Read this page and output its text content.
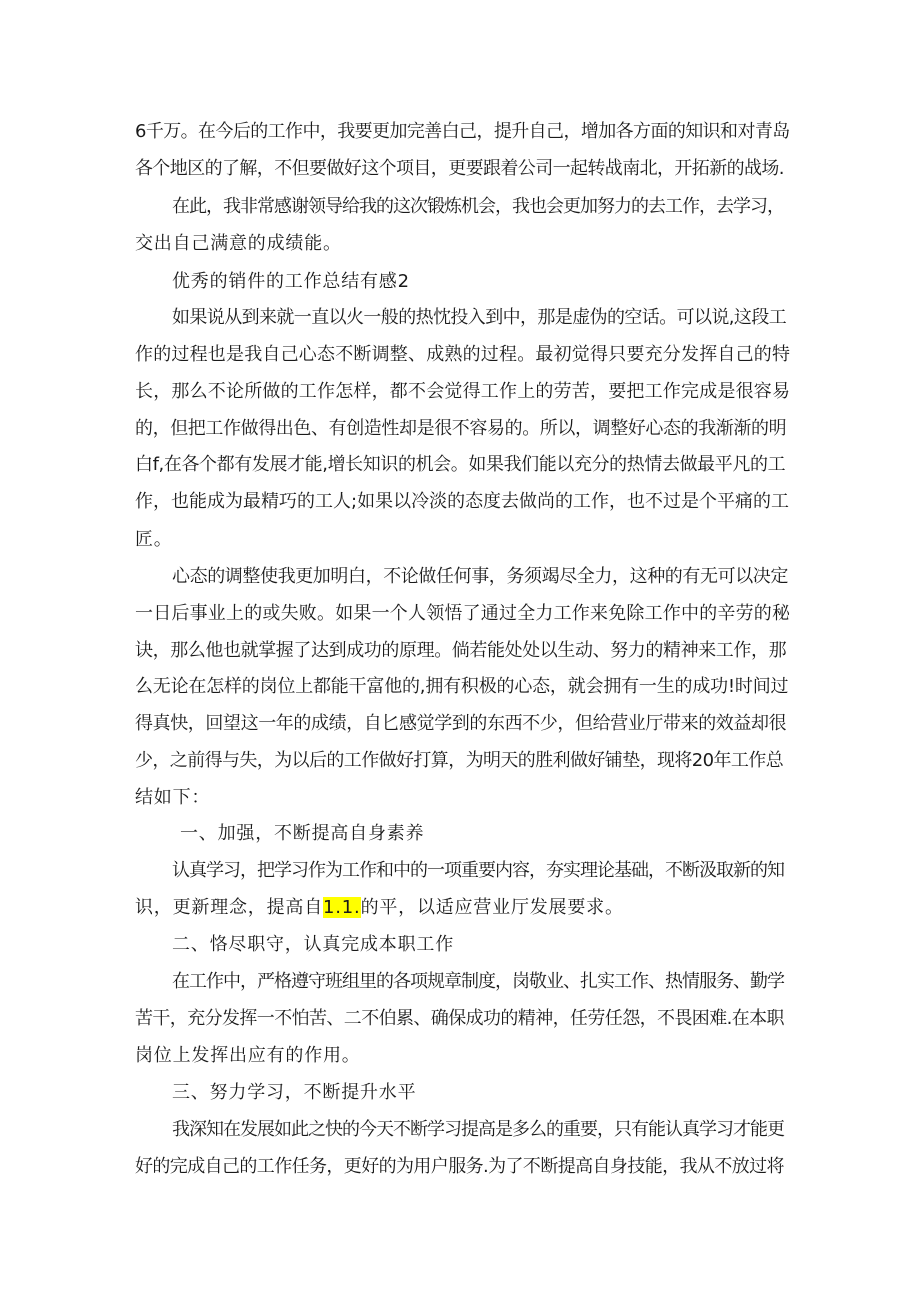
6千万。在今后的工作中，我要更加完善白己，提升自己，增加各方面的知识和对青岛

各个地区的了解，不但要做好这个项目，更要跟着公司一起转战南北，开拓新的战场.

在此，我非常感谢领导给我的这次锻炼机会，我也会更加努力的去工作，去学习，

交出自己满意的成绩能。

优秀的销件的工作总结有感2

如果说从到来就一直以火一般的热忱投入到中，那是虚伪的空话。可以说,这段工

作的过程也是我自己心态不断调整、成熟的过程。最初觉得只要充分发挥自己的特

长，那么不论所做的工作怎样，都不会觉得工作上的劳苦，要把工作完成是很容易

的，但把工作做得出色、有创造性却是很不容易的。所以，调整好心态的我渐渐的明

白f,在各个都有发展才能,增长知识的机会。如果我们能以充分的热情去做最平凡的工

作，也能成为最精巧的工人;如果以冷淡的态度去做尚的工作，也不过是个平痛的工

匠。

心态的调整使我更加明白，不论做任何事，务须竭尽全力，这种的有无可以决定

一日后事业上的或失败。如果一个人领悟了通过全力工作来免除工作中的辛劳的秘

诀，那么他也就掌握了达到成功的原理。倘若能处处以生动、努力的精神来工作，那

么无论在怎样的岗位上都能干富他的,拥有积极的心态，就会拥有一生的成功!时间过

得真快，回望这一年的成绩，自匕感觉学到的东西不少，但给营业厅带来的效益却很

少，之前得与失，为以后的工作做好打算，为明天的胜利做好铺垫，现将20年工作总

结如下：

一、加强，不断提高自身素养

认真学习，把学习作为工作和中的一项重要内容，夯实理论基础，不断汲取新的知

识，更新理念，提高自1.1.的平，以适应营业厅发展要求。

二、恪尽职守，认真完成本职工作

在工作中，严格遵守班组里的各项规章制度，岗敬业、扎实工作、热情服务、勤学

苦干，充分发挥一不怕苦、二不伯累、确保成功的精神，任劳任怨，不畏困难.在本职

岗位上发挥出应有的作用。

三、努力学习，不断提升水平

我深知在发展如此之快的今天不断学习提高是多么的重要，只有能认真学习才能更

好的完成自己的工作任务，更好的为用户服务.为了不断提高自身技能，我从不放过将
